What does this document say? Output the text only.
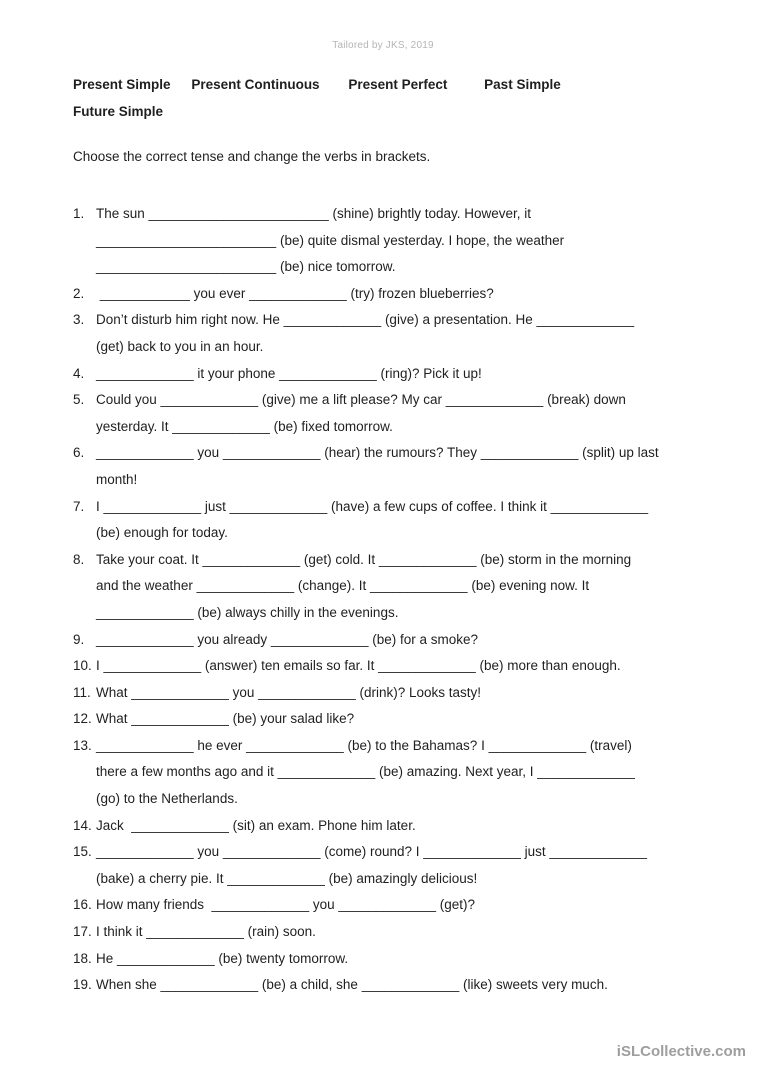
Tailored by JKS, 2019
Present Simple Present Continuous Present Perfect	Past Simple
Future Simple
Choose the correct tense and change the verbs in brackets.
1. The sun ________________________ (shine) brightly today. However, it
________________________ (be) quite dismal yesterday. I hope, the weather
________________________ (be) nice tomorrow.
2. ____________ you ever _____________ (try) frozen blueberries?
3. Don’t disturb him right now. He _____________ (give) a presentation. He _____________
(get) back to you in an hour.
4. _____________ it your phone _____________ (ring)? Pick it up!
5. Could you _____________ (give) me a lift please? My car _____________ (break) down
yesterday. It _____________ (be) fixed tomorrow.
6. _____________ you _____________ (hear) the rumours? They _____________ (split) up last
month!
7. I _____________ just _____________ (have) a few cups of coffee. I think it _____________
(be) enough for today.
8. Take your coat. It _____________ (get) cold. It _____________ (be) storm in the morning
and the weather _____________ (change). It _____________ (be) evening now. It
_____________ (be) always chilly in the evenings.
9. _____________ you already _____________ (be) for a smoke?
10. I _____________ (answer) ten emails so far. It _____________ (be) more than enough.
11. What _____________ you _____________ (drink)? Looks tasty!
12. What _____________ (be) your salad like?
13. _____________ he ever _____________ (be) to the Bahamas? I _____________ (travel)
there a few months ago and it _____________ (be) amazing. Next year, I _____________
(go) to the Netherlands.
14. Jack  _____________ (sit) an exam. Phone him later.
15. _____________ you _____________ (come) round? I _____________ just _____________
(bake) a cherry pie. It _____________ (be) amazingly delicious!
16. How many friends  _____________ you _____________ (get)?
17. I think it _____________ (rain) soon.
18. He _____________ (be) twenty tomorrow.
19. When she _____________ (be) a child, she _____________ (like) sweets very much.
iSLCollective.com
